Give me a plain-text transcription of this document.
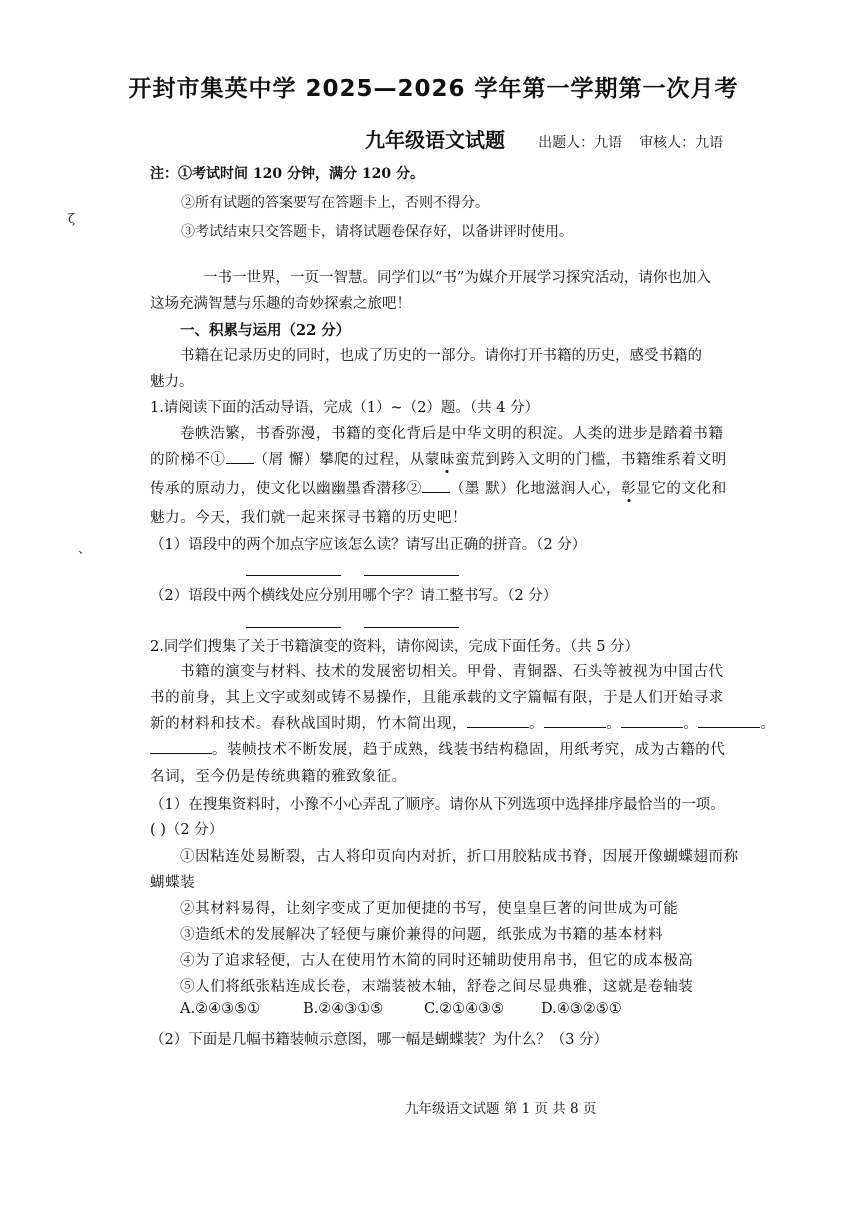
ζ
、
开封市集英中学 2025—2026 学年第一学期第一次月考
九年级语文试题 出题人：九语 审核人：九语
注：①考试时间 120 分钟，满分 120 分。
②所有试题的答案要写在答题卡上，否则不得分。
③考试结束只交答题卡，请将试题卷保存好，以备讲评时使用。
一书一世界，一页一智慧。同学们以“书”为媒介开展学习探究活动，请你也加入
这场充满智慧与乐趣的奇妙探索之旅吧！
一、积累与运用（22 分）
书籍在记录历史的同时，也成了历史的一部分。请你打开书籍的历史，感受书籍的
魅力。
1.请阅读下面的活动导语，完成（1）~（2）题。（共 4 分）
卷帙浩繁，书香弥漫，书籍的变化背后是中华文明的积淀。人类的进步是踏着书籍
的阶梯不① （屑 懈）攀爬的过程，从蒙昧蛮荒到跨入文明的门槛，书籍维系着文明
传承的原动力，使文化以幽幽墨香潜移② （墨 默）化地滋润人心，彰显它的文化和
魅力。今天，我们就一起来探寻书籍的历史吧！
（1）语段中的两个加点字应该怎么读？请写出正确的拼音。（2 分）
（2）语段中两个横线处应分别用哪个字？请工整书写。（2 分）
2.同学们搜集了关于书籍演变的资料，请你阅读，完成下面任务。（共 5 分）
书籍的演变与材料、技术的发展密切相关。甲骨、青铜器、石头等被视为中国古代
书的前身，其上文字或刻或铸不易操作，且能承载的文字篇幅有限，于是人们开始寻求
新的材料和技术。春秋战国时期，竹木简出现，	。	。	。	。
。装帧技术不断发展，趋于成熟，线装书结构稳固，用纸考究，成为古籍的代
名词，至今仍是传统典籍的雅致象征。
（1）在搜集资料时，小豫不小心弄乱了顺序。请你从下列选项中选择排序最恰当的一项。
( )（2 分）
①因粘连处易断裂，古人将印页向内对折，折口用胶粘成书脊，因展开像蝴蝶翅而称
蝴蝶装
②其材料易得，让刻字变成了更加便捷的书写，使皇皇巨著的问世成为可能
③造纸术的发展解决了轻便与廉价兼得的问题，纸张成为书籍的基本材料
④为了追求轻便，古人在使用竹木简的同时还辅助使用帛书，但它的成本极高
⑤人们将纸张粘连成长卷，末端装被木轴，舒卷之间尽显典雅，这就是卷轴装
A.②④③⑤①	B.②④③①⑤	C.②①④③⑤	D.④③②⑤①
（2）下面是几幅书籍装帧示意图，哪一幅是蝴蝶装？为什么？（3 分）
九年级语文试题 第 1 页 共 8 页
